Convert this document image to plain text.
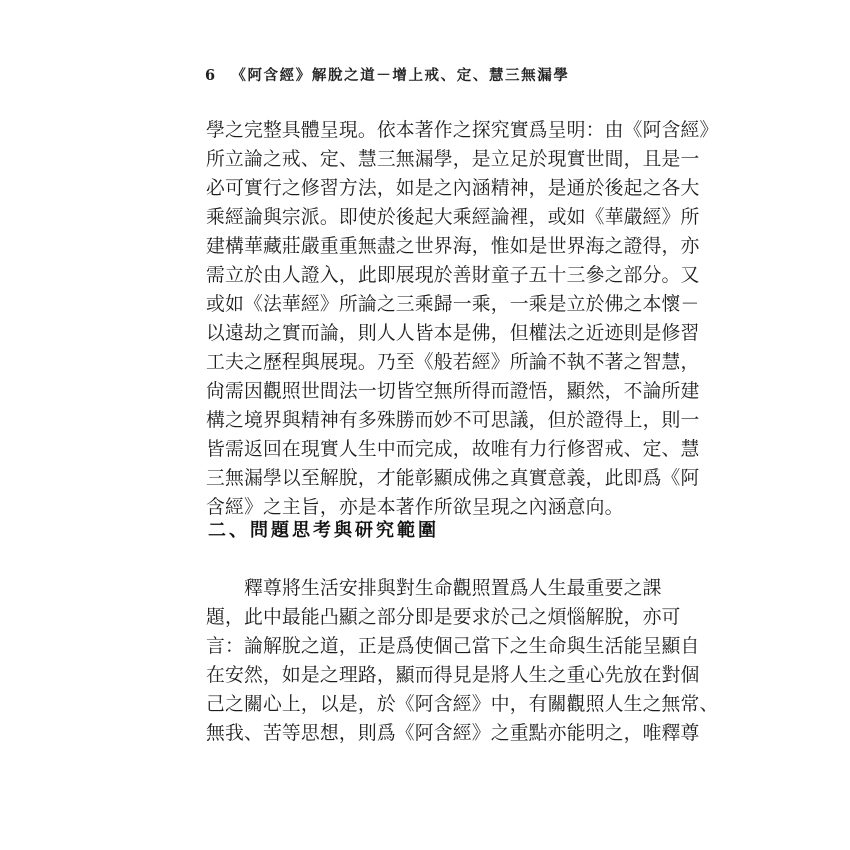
6 《阿含經》解脫之道－增上戒、定、慧三無漏學
學之完整具體呈現。依本著作之探究實爲呈明：由《阿含經》
所立論之戒、定、慧三無漏學，是立足於現實世間，且是一
必可實行之修習方法，如是之內涵精神，是通於後起之各大
乘經論與宗派。即使於後起大乘經論裡，或如《華嚴經》所
建構華藏莊嚴重重無盡之世界海，惟如是世界海之證得，亦
需立於由人證入，此即展現於善財童子五十三參之部分。又
或如《法華經》所論之三乘歸一乘，一乘是立於佛之本懷－
以遠劫之實而論，則人人皆本是佛，但權法之近迹則是修習
工夫之歷程與展現。乃至《般若經》所論不執不著之智慧，
尙需因觀照世間法一切皆空無所得而證悟，顯然，不論所建
構之境界與精神有多殊勝而妙不可思議，但於證得上，則一
皆需返回在現實人生中而完成，故唯有力行修習戒、定、慧
三無漏學以至解脫，才能彰顯成佛之真實意義，此即爲《阿
含經》之主旨，亦是本著作所欲呈現之內涵意向。
二、問題思考與研究範圍
釋尊將生活安排與對生命觀照置爲人生最重要之課
題，此中最能凸顯之部分即是要求於己之煩惱解脫，亦可
言：論解脫之道，正是爲使個己當下之生命與生活能呈顯自
在安然，如是之理路，顯而得見是將人生之重心先放在對個
己之關心上，以是，於《阿含經》中，有關觀照人生之無常、
無我、苦等思想，則爲《阿含經》之重點亦能明之，唯釋尊
